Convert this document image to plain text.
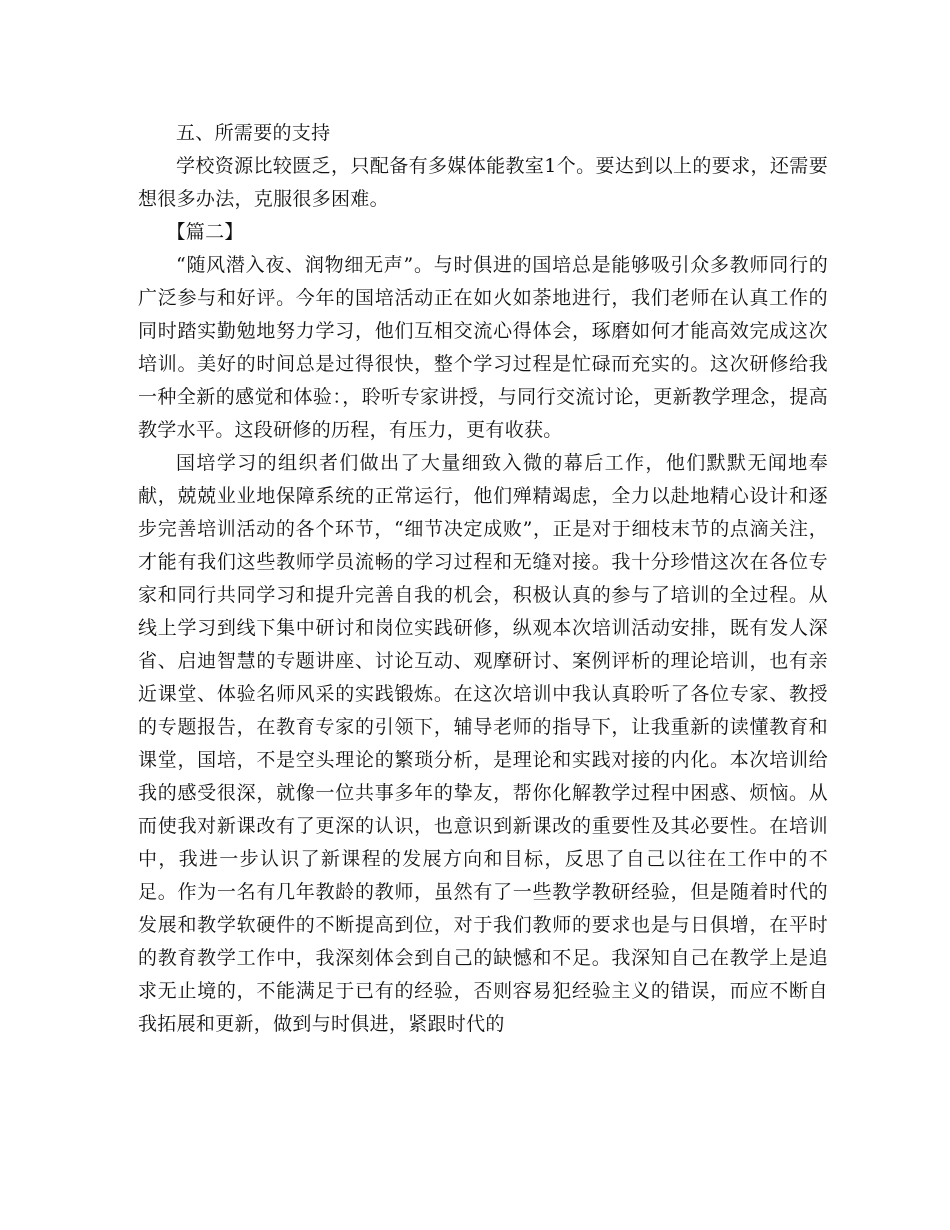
五、所需要的支持

学校资源比较匮乏，只配备有多媒体能教室1个。要达到以上的要求，还需要想很多办法，克服很多困难。

【篇二】

“随风潜入夜、润物细无声”。与时俱进的国培总是能够吸引众多教师同行的广泛参与和好评。今年的国培活动正在如火如荼地进行，我们老师在认真工作的同时踏实勤勉地努力学习，他们互相交流心得体会，琢磨如何才能高效完成这次培训。美好的时间总是过得很快，整个学习过程是忙碌而充实的。这次研修给我一种全新的感觉和体验：，聆听专家讲授，与同行交流讨论，更新教学理念，提高教学水平。这段研修的历程，有压力，更有收获。

国培学习的组织者们做出了大量细致入微的幕后工作，他们默默无闻地奉献，兢兢业业地保障系统的正常运行，他们殚精竭虑，全力以赴地精心设计和逐步完善培训活动的各个环节，“细节决定成败”，正是对于细枝末节的点滴关注，才能有我们这些教师学员流畅的学习过程和无缝对接。我十分珍惜这次在各位专家和同行共同学习和提升完善自我的机会，积极认真的参与了培训的全过程。从线上学习到线下集中研讨和岗位实践研修，纵观本次培训活动安排，既有发人深省、启迪智慧的专题讲座、讨论互动、观摩研讨、案例评析的理论培训，也有亲近课堂、体验名师风采的实践锻炼。在这次培训中我认真聆听了各位专家、教授的专题报告，在教育专家的引领下，辅导老师的指导下，让我重新的读懂教育和课堂，国培，不是空头理论的繁琐分析，是理论和实践对接的内化。本次培训给我的感受很深，就像一位共事多年的挚友，帮你化解教学过程中困惑、烦恼。从而使我对新课改有了更深的认识，也意识到新课改的重要性及其必要性。在培训中，我进一步认识了新课程的发展方向和目标，反思了自己以往在工作中的不足。作为一名有几年教龄的教师，虽然有了一些教学教研经验，但是随着时代的发展和教学软硬件的不断提高到位，对于我们教师的要求也是与日俱增，在平时的教育教学工作中，我深刻体会到自己的缺憾和不足。我深知自己在教学上是追求无止境的，不能满足于已有的经验，否则容易犯经验主义的错误，而应不断自我拓展和更新，做到与时俱进，紧跟时代的
